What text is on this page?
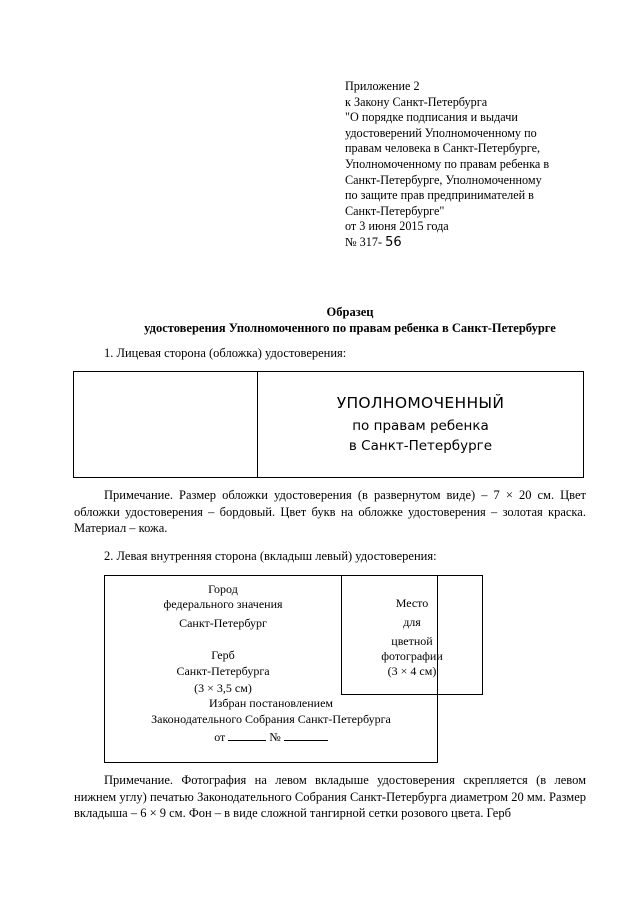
Приложение 2
к Закону Санкт-Петербурга
"О порядке подписания и выдачи
удостоверений Уполномоченному по
правам человека в Санкт-Петербурге,
Уполномоченному по правам ребенка в
Санкт-Петербурге, Уполномоченному
по защите прав предпринимателей в
Санкт-Петербурге"
от 3 июня 2015 года
№ 317- 56
Образец
удостоверения Уполномоченного по правам ребенка в Санкт-Петербурге
1. Лицевая сторона (обложка) удостоверения:
УПОЛНОМОЧЕННЫЙ
по правам ребенка
в Санкт-Петербурге
Примечание. Размер обложки удостоверения (в развернутом виде) – 7 × 20 см. Цвет обложки удостоверения – бордовый. Цвет букв на обложке удостоверения – золотая краска. Материал – кожа.
2. Левая внутренняя сторона (вкладыш левый) удостоверения:
Город
федерального значения
Санкт-Петербург
Герб
Санкт-Петербурга
(3 × 3,5 см)
Место
для
цветной
фотографии
(3 × 4 см)
Избран постановлением
Законодательного Собрания Санкт-Петербурга
от	№
Примечание. Фотография на левом вкладыше удостоверения скрепляется (в левом нижнем углу) печатью Законодательного Собрания Санкт-Петербурга диаметром 20 мм. Размер вкладыша – 6 × 9 см. Фон – в виде сложной тангирной сетки розового цвета. Герб
